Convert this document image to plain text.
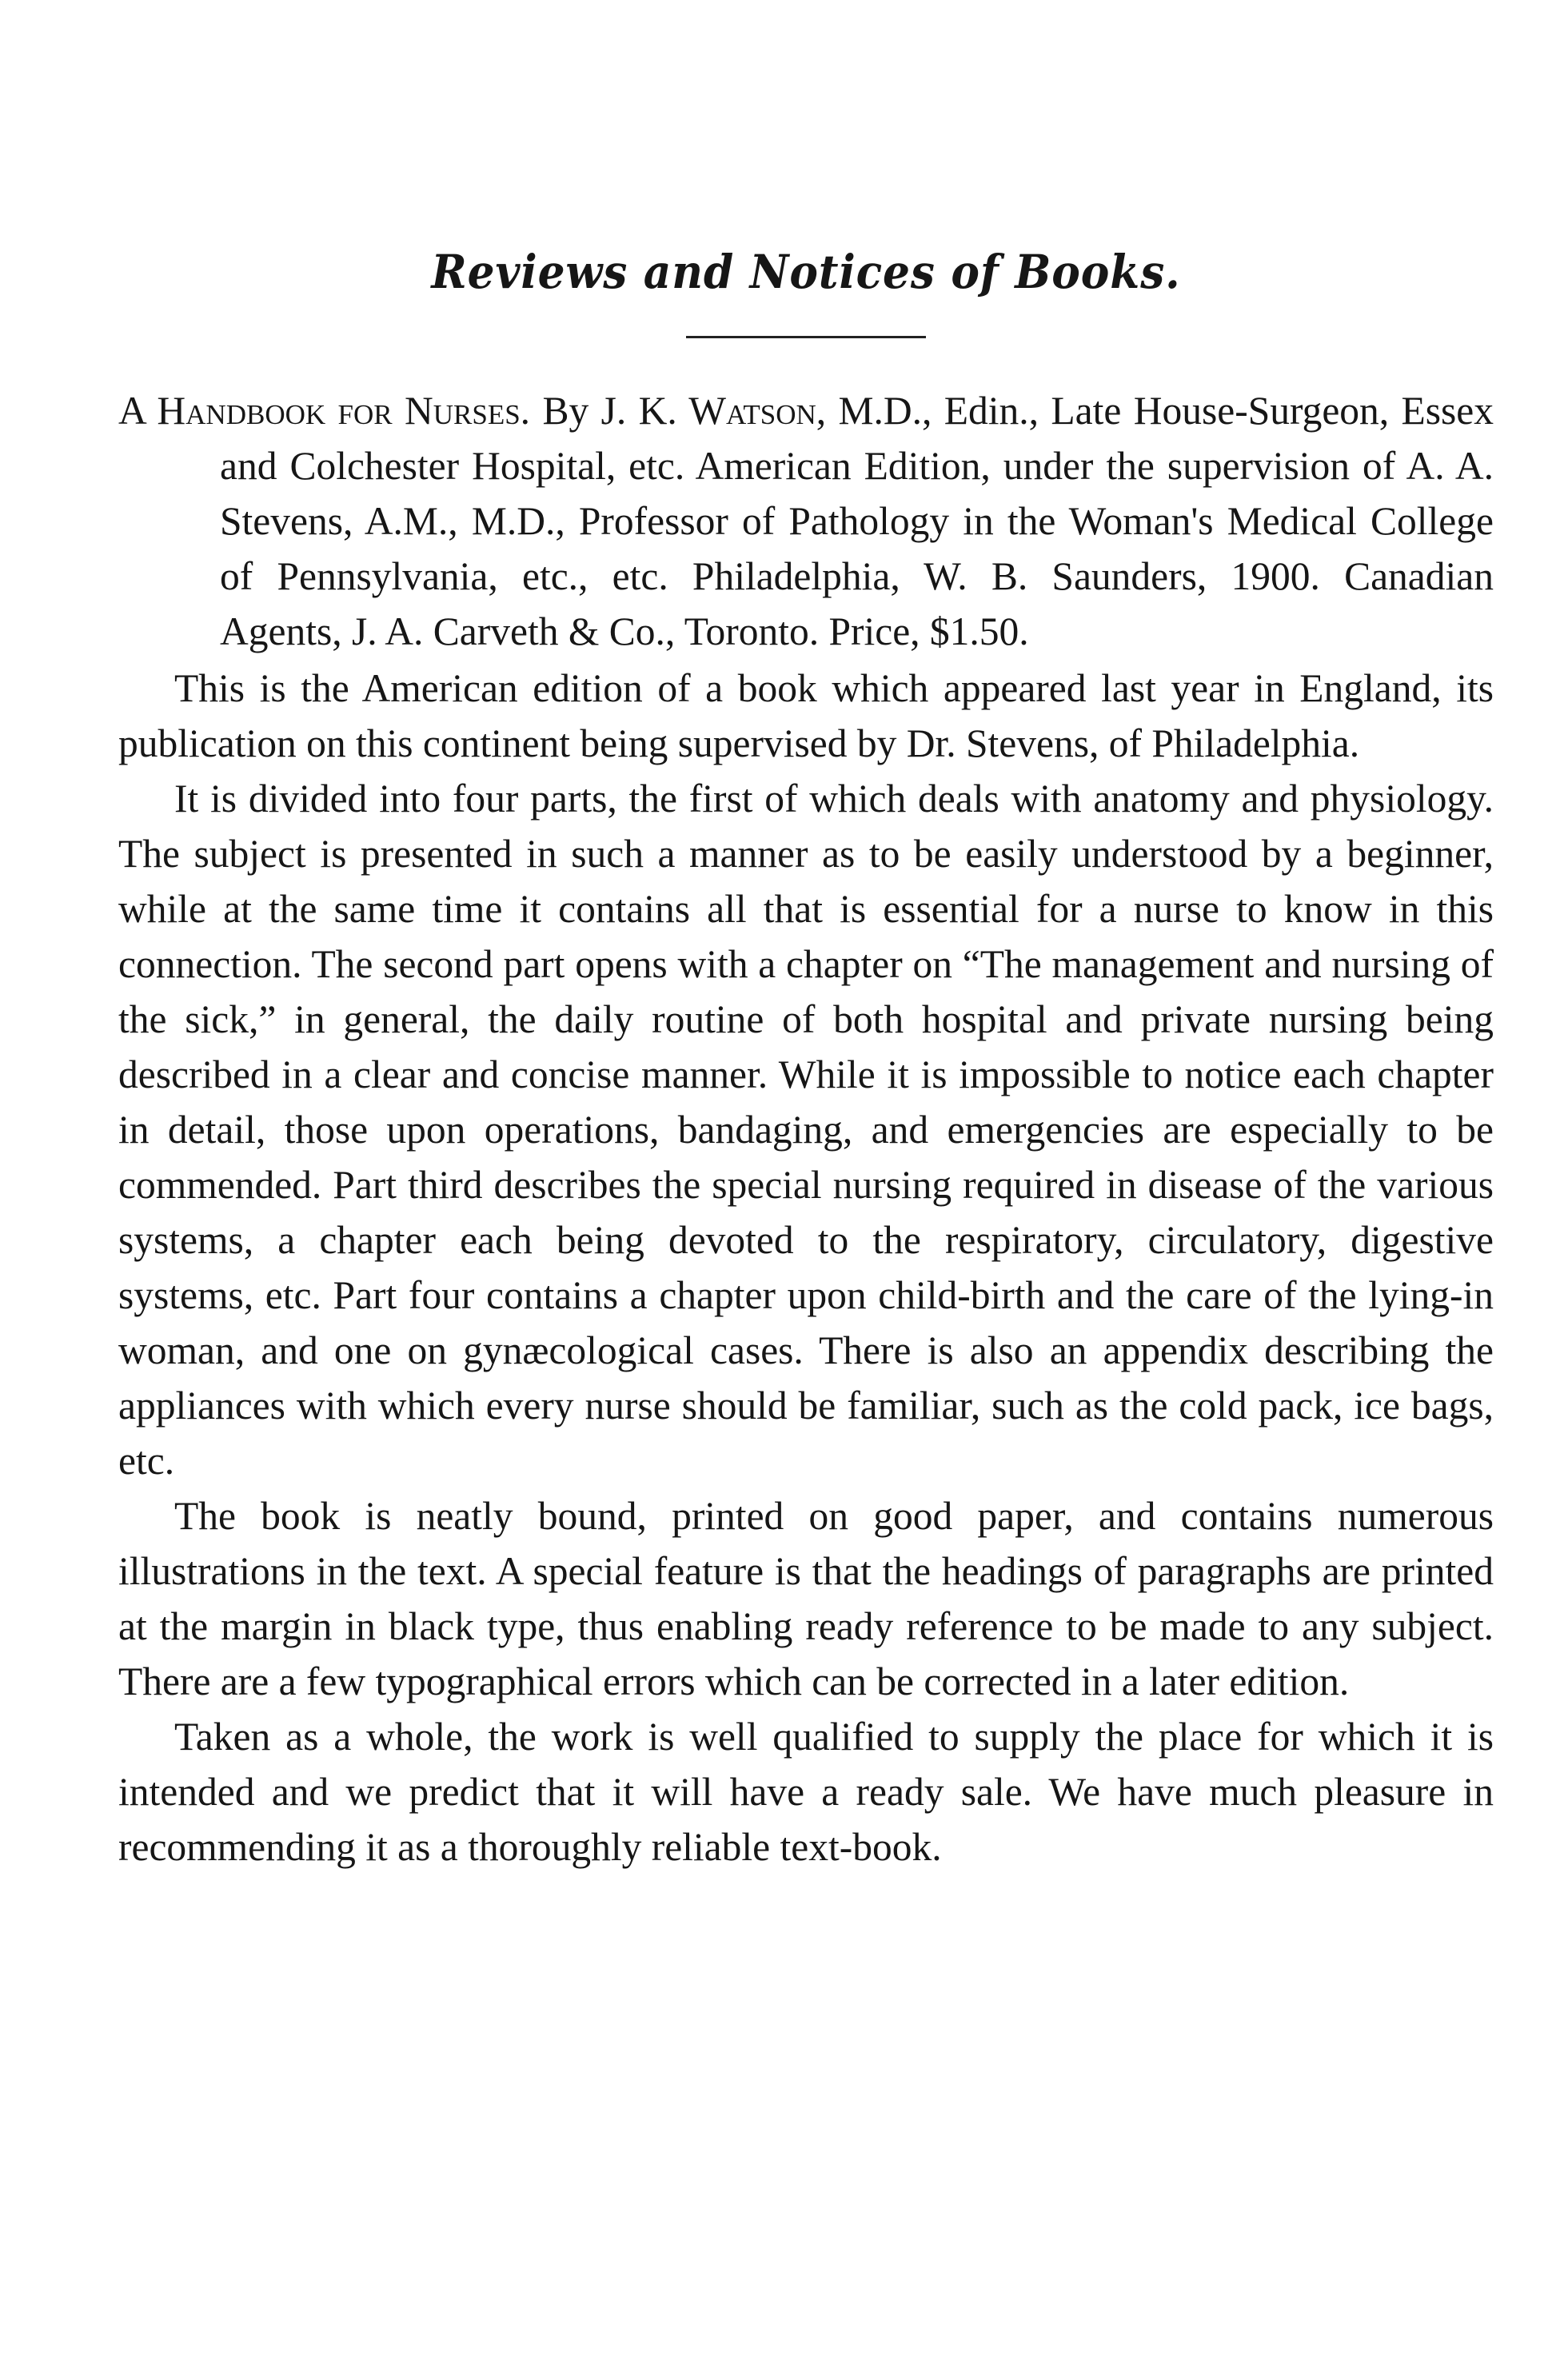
Reviews and Notices of Books.
A Handbook for Nurses. By J. K. Watson, M.D., Edin., Late House-Surgeon, Essex and Colchester Hospital, etc. American Edition, under the supervision of A. A. Stevens, A.M., M.D., Professor of Pathology in the Woman's Medical College of Pennsylvania, etc., etc. Philadelphia, W. B. Saunders, 1900. Canadian Agents, J. A. Carveth & Co., Toronto. Price, $1.50.

This is the American edition of a book which appeared last year in England, its publication on this continent being supervised by Dr. Stevens, of Philadelphia.

It is divided into four parts, the first of which deals with anatomy and physiology. The subject is presented in such a manner as to be easily understood by a beginner, while at the same time it contains all that is essential for a nurse to know in this connection. The second part opens with a chapter on “The management and nursing of the sick,” in general, the daily routine of both hospital and private nursing being described in a clear and concise manner. While it is impossible to notice each chapter in detail, those upon operations, bandaging, and emergencies are especially to be commended. Part third describes the special nursing required in disease of the various systems, a chapter each being devoted to the respiratory, circulatory, digestive systems, etc. Part four contains a chapter upon child-birth and the care of the lying-in woman, and one on gynæcological cases. There is also an appendix describing the appliances with which every nurse should be familiar, such as the cold pack, ice bags, etc.

The book is neatly bound, printed on good paper, and contains numerous illustrations in the text. A special feature is that the headings of paragraphs are printed at the margin in black type, thus enabling ready reference to be made to any subject. There are a few typographical errors which can be corrected in a later edition.

Taken as a whole, the work is well qualified to supply the place for which it is intended and we predict that it will have a ready sale. We have much pleasure in recommending it as a thoroughly reliable text-book.
